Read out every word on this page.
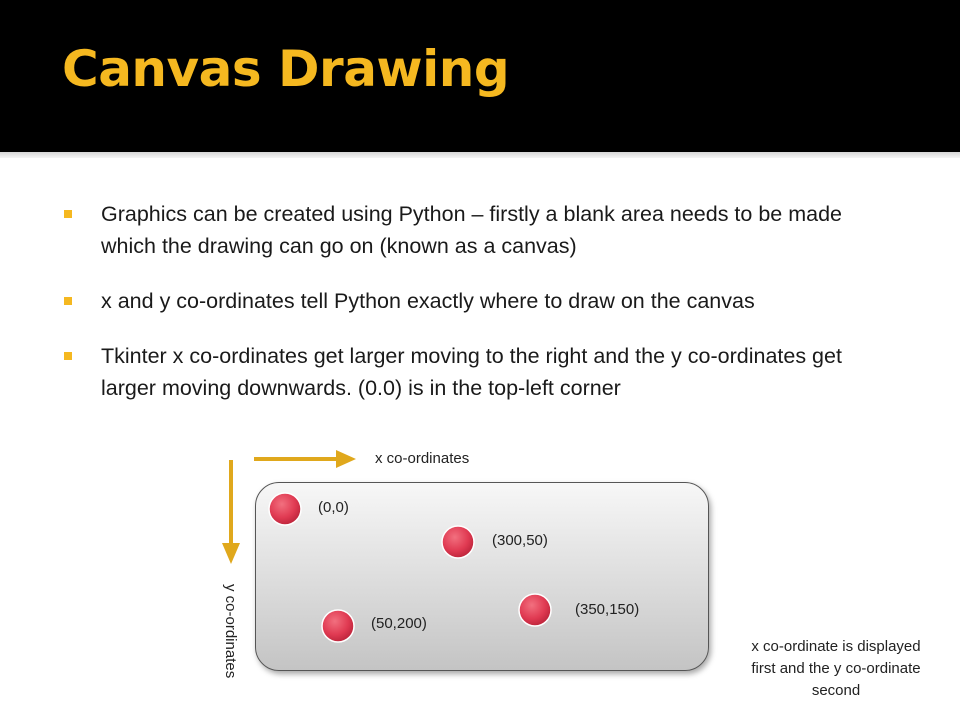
Canvas Drawing
Graphics can be created using Python – firstly a blank area needs to be made which the drawing can go on (known as a canvas)
x and y co-ordinates tell Python exactly where to draw on the canvas
Tkinter x co-ordinates get larger moving to the right and the y co-ordinates get larger moving downwards. (0.0) is in the top-left corner
x co-ordinates
y co-ordinates
(0,0)
(300,50)
(350,150)
(50,200)
x co-ordinate is displayed first and the y co-ordinate second
